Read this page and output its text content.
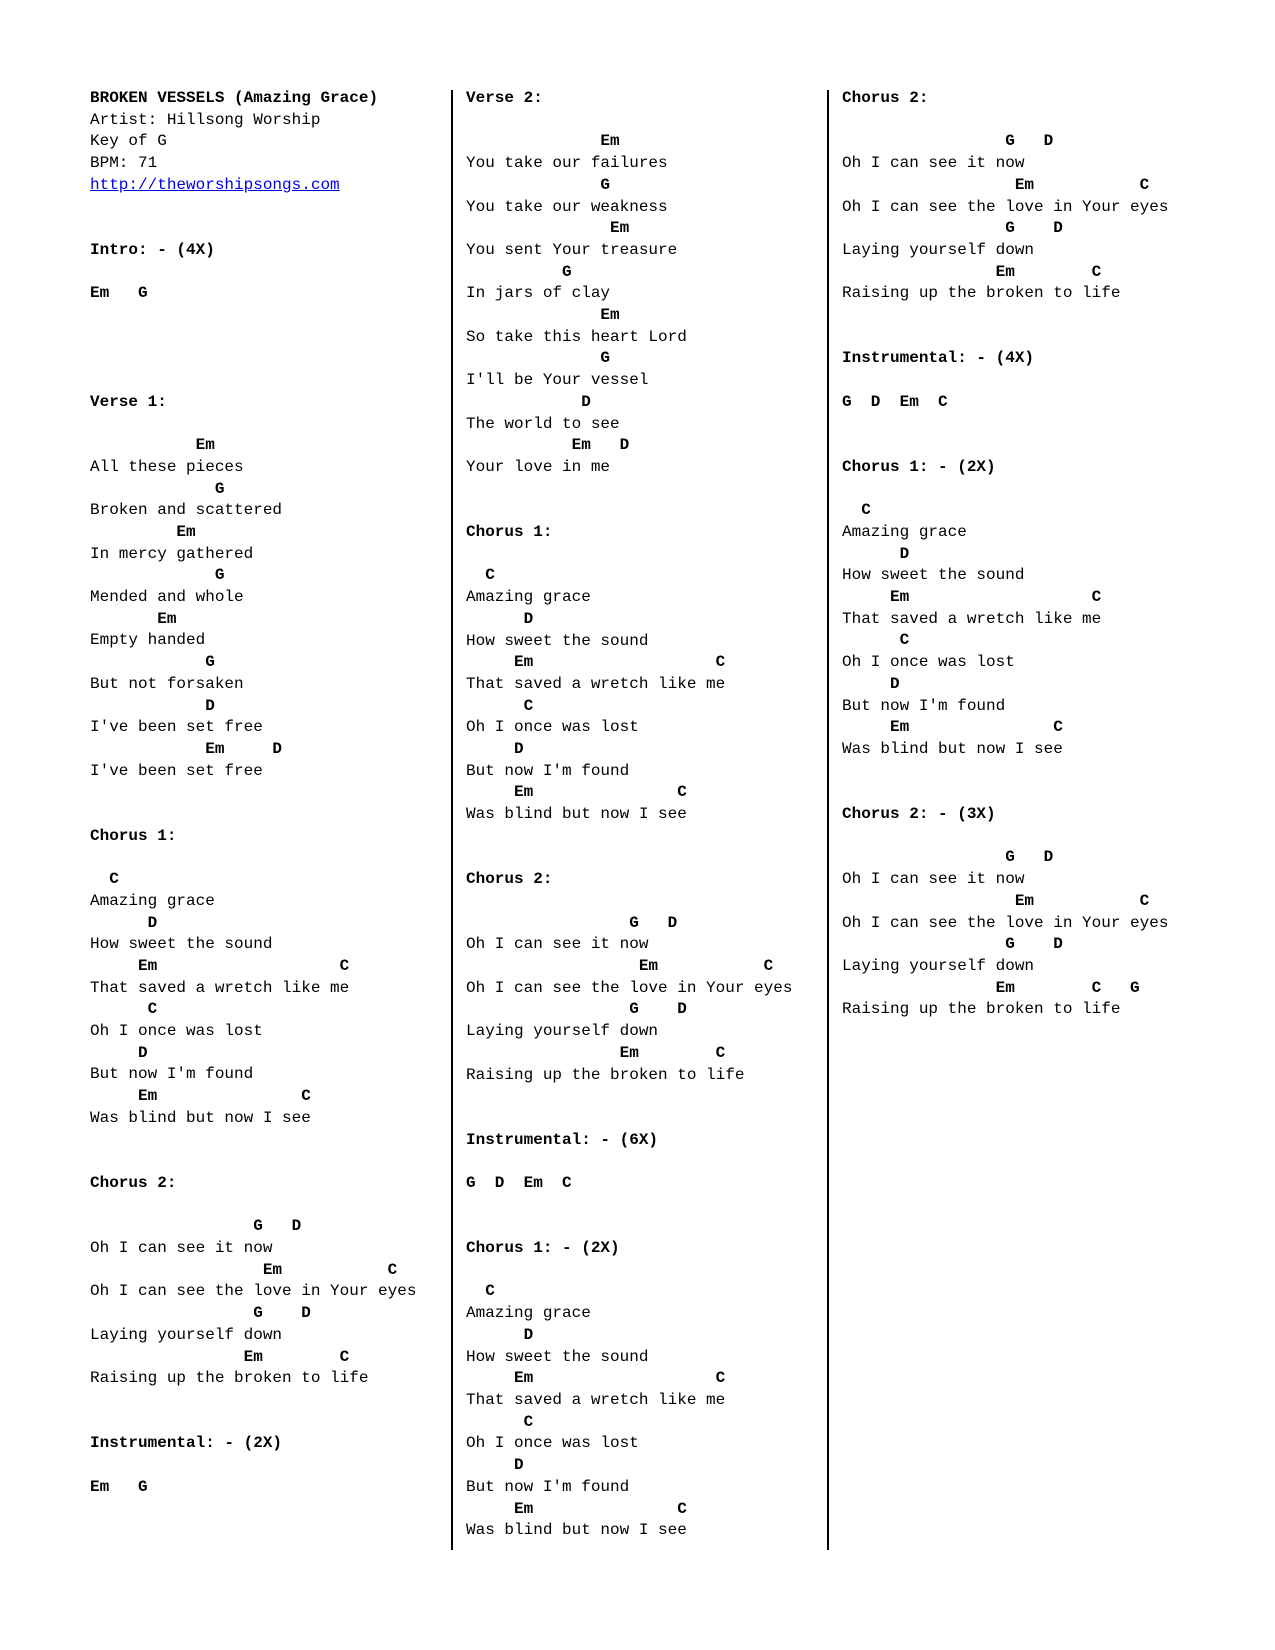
BROKEN VESSELS (Amazing Grace)
Artist: Hillsong Worship
Key of G
BPM: 71
http://theworshipsongs.com
Intro: - (4X)
Em   G
Verse 1:
Em
All these pieces
G
Broken and scattered
Em
In mercy gathered
G
Mended and whole
Em
Empty handed
G
But not forsaken
D
I've been set free
Em     D
I've been set free
Chorus 1:
C
Amazing grace
D
How sweet the sound
Em                   C
That saved a wretch like me
C
Oh I once was lost
D
But now I'm found
Em               C
Was blind but now I see
Chorus 2:
G   D
Oh I can see it now
Em           C
Oh I can see the love in Your eyes
G    D
Laying yourself down
Em        C
Raising up the broken to life
Instrumental: - (2X)
Em   G
Verse 2:
Em
You take our failures
G
You take our weakness
Em
You sent Your treasure
G
In jars of clay
Em
So take this heart Lord
G
I'll be Your vessel
D
The world to see
Em   D
Your love in me
Chorus 1:
C
Amazing grace
D
How sweet the sound
Em                   C
That saved a wretch like me
C
Oh I once was lost
D
But now I'm found
Em               C
Was blind but now I see
Chorus 2:
G   D
Oh I can see it now
Em           C
Oh I can see the love in Your eyes
G    D
Laying yourself down
Em        C
Raising up the broken to life
Instrumental: - (6X)
G  D  Em  C
Chorus 1: - (2X)
C
Amazing grace
D
How sweet the sound
Em                   C
That saved a wretch like me
C
Oh I once was lost
D
But now I'm found
Em               C
Was blind but now I see
Chorus 2:
G   D
Oh I can see it now
Em           C
Oh I can see the love in Your eyes
G    D
Laying yourself down
Em        C
Raising up the broken to life
Instrumental: - (4X)
G  D  Em  C
Chorus 1: - (2X)
C
Amazing grace
D
How sweet the sound
Em                   C
That saved a wretch like me
C
Oh I once was lost
D
But now I'm found
Em               C
Was blind but now I see
Chorus 2: - (3X)
G   D
Oh I can see it now
Em           C
Oh I can see the love in Your eyes
G    D
Laying yourself down
Em        C   G
Raising up the broken to life
